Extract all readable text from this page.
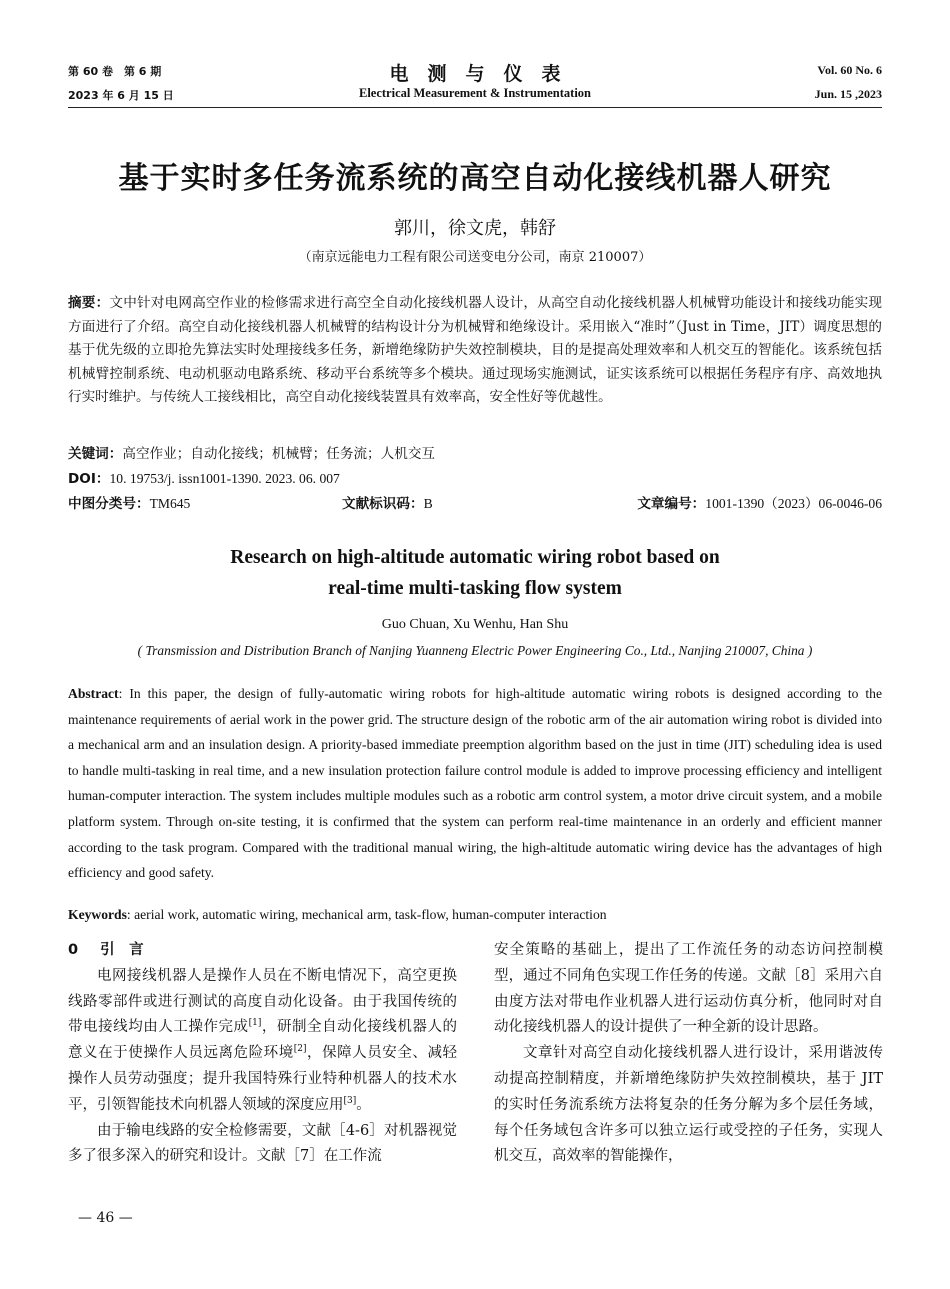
第 60 卷　第 6 期
2023 年 6 月 15 日
电　测　与　仪　表
Electrical Measurement & Instrumentation
Vol. 60 No. 6
Jun. 15 ,2023
基于实时多任务流系统的高空自动化接线机器人研究
郭川，徐文虎，韩舒
（南京远能电力工程有限公司送变电分公司，南京 210007）
摘要：文中针对电网高空作业的检修需求进行高空全自动化接线机器人设计，从高空自动化接线机器人机械臂功能设计和接线功能实现方面进行了介绍。高空自动化接线机器人机械臂的结构设计分为机械臂和绝缘设计。采用嵌入“准时”（Just in Time，JIT）调度思想的基于优先级的立即抢先算法实时处理接线多任务，新增绝缘防护失效控制模块，目的是提高处理效率和人机交互的智能化。该系统包括机械臂控制系统、电动机驱动电路系统、移动平台系统等多个模块。通过现场实施测试，证实该系统可以根据任务程序有序、高效地执行实时维护。与传统人工接线相比，高空自动化接线装置具有效率高，安全性好等优越性。
关键词：高空作业；自动化接线；机械臂；任务流；人机交互
DOI：10. 19753/j. issn1001-1390. 2023. 06. 007
中图分类号：TM645	文献标识码：B	文章编号：1001-1390（2023）06-0046-06
Research on high-altitude automatic wiring robot based on
real-time multi-tasking flow system
Guo Chuan, Xu Wenhu, Han Shu
( Transmission and Distribution Branch of Nanjing Yuanneng Electric Power Engineering Co., Ltd., Nanjing 210007, China )
Abstract: In this paper, the design of fully-automatic wiring robots for high-altitude automatic wiring robots is designed according to the maintenance requirements of aerial work in the power grid. The structure design of the robotic arm of the air automation wiring robot is divided into a mechanical arm and an insulation design. A priority-based immediate preemption algorithm based on the just in time (JIT) scheduling idea is used to handle multi-tasking in real time, and a new insulation protection failure control module is added to improve processing efficiency and intelligent human-computer interaction. The system includes multiple modules such as a robotic arm control system, a motor drive circuit system, and a mobile platform system. Through on-site testing, it is confirmed that the system can perform real-time maintenance in an orderly and efficient manner according to the task program. Compared with the traditional manual wiring, the high-altitude automatic wiring device has the advantages of high efficiency and good safety.
Keywords: aerial work, automatic wiring, mechanical arm, task-flow, human-computer interaction

0 引　言

电网接线机器人是操作人员在不断电情况下，高空更换线路零部件或进行测试的高度自动化设备。由于我国传统的带电接线均由人工操作完成[1]，研制全自动化接线机器人的意义在于使操作人员远离危险环境[2]，保障人员安全、减轻操作人员劳动强度；提升我国特殊行业特种机器人的技术水平，引领智能技术向机器人领域的深度应用[3]。

由于输电线路的安全检修需要，文献［4-6］对机器视觉多了很多深入的研究和设计。文献［7］在工作流

安全策略的基础上，提出了工作流任务的动态访问控制模型，通过不同角色实现工作任务的传递。文献［8］采用六自由度方法对带电作业机器人进行运动仿真分析，他同时对自动化接线机器人的设计提供了一种全新的设计思路。

文章针对高空自动化接线机器人进行设计，采用谐波传动提高控制精度，并新增绝缘防护失效控制模块，基于 JIT 的实时任务流系统方法将复杂的任务分解为多个层任务域，每个任务域包含许多可以独立运行或受控的子任务，实现人机交互，高效率的智能操作，

— 46 —
